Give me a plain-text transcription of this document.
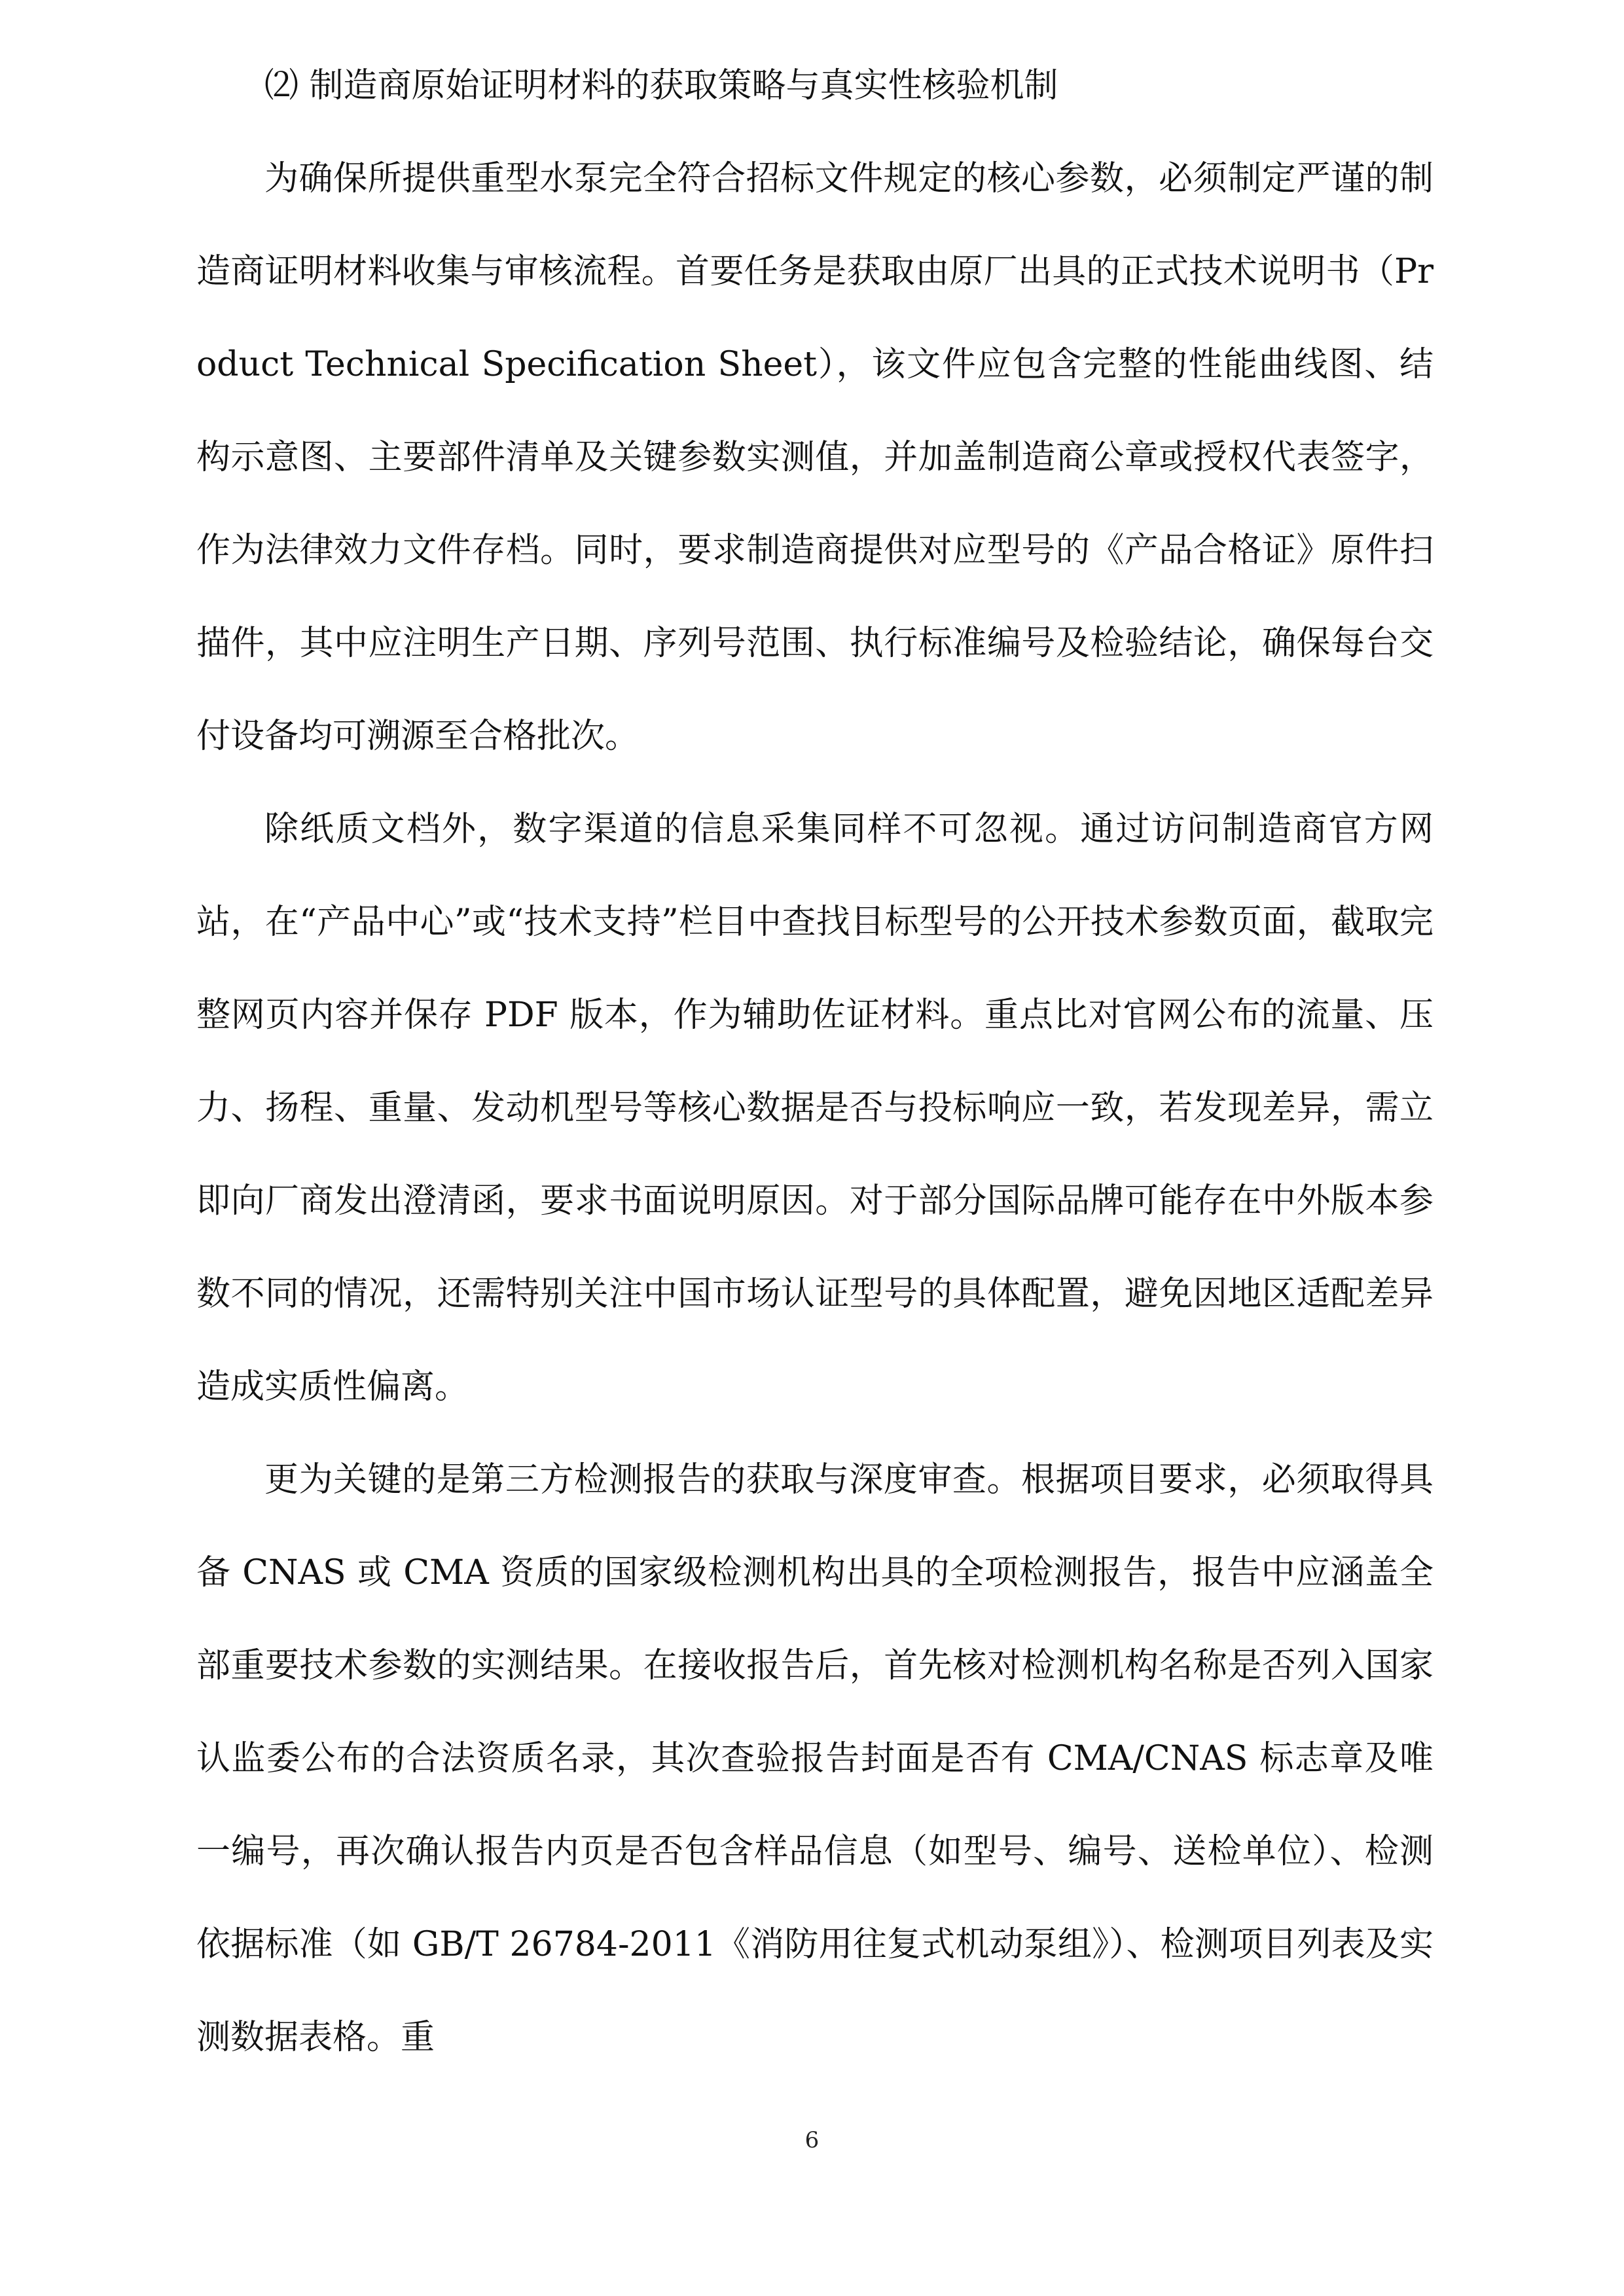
⑵ 制造商原始证明材料的获取策略与真实性核验机制

为确保所提供重型水泵完全符合招标文件规定的核心参数，必须制定严谨的制造商证明材料收集与审核流程。首要任务是获取由原厂出具的正式技术说明书（Product Technical Specification Sheet），该文件应包含完整的性能曲线图、结构示意图、主要部件清单及关键参数实测值，并加盖制造商公章或授权代表签字，作为法律效力文件存档。同时，要求制造商提供对应型号的《产品合格证》原件扫描件，其中应注明生产日期、序列号范围、执行标准编号及检验结论，确保每台交付设备均可溯源至合格批次。

除纸质文档外，数字渠道的信息采集同样不可忽视。通过访问制造商官方网站，在“产品中心”或“技术支持”栏目中查找目标型号的公开技术参数页面，截取完整网页内容并保存 PDF 版本，作为辅助佐证材料。重点比对官网公布的流量、压力、扬程、重量、发动机型号等核心数据是否与投标响应一致，若发现差异，需立即向厂商发出澄清函，要求书面说明原因。对于部分国际品牌可能存在中外版本参数不同的情况，还需特别关注中国市场认证型号的具体配置，避免因地区适配差异造成实质性偏离。

更为关键的是第三方检测报告的获取与深度审查。根据项目要求，必须取得具备 CNAS 或 CMA 资质的国家级检测机构出具的全项检测报告，报告中应涵盖全部重要技术参数的实测结果。在接收报告后，首先核对检测机构名称是否列入国家认监委公布的合法资质名录，其次查验报告封面是否有 CMA/CNAS 标志章及唯一编号，再次确认报告内页是否包含样品信息（如型号、编号、送检单位）、检测依据标准（如 GB/T 26784-2011《消防用往复式机动泵组》）、检测项目列表及实测数据表格。重

6
